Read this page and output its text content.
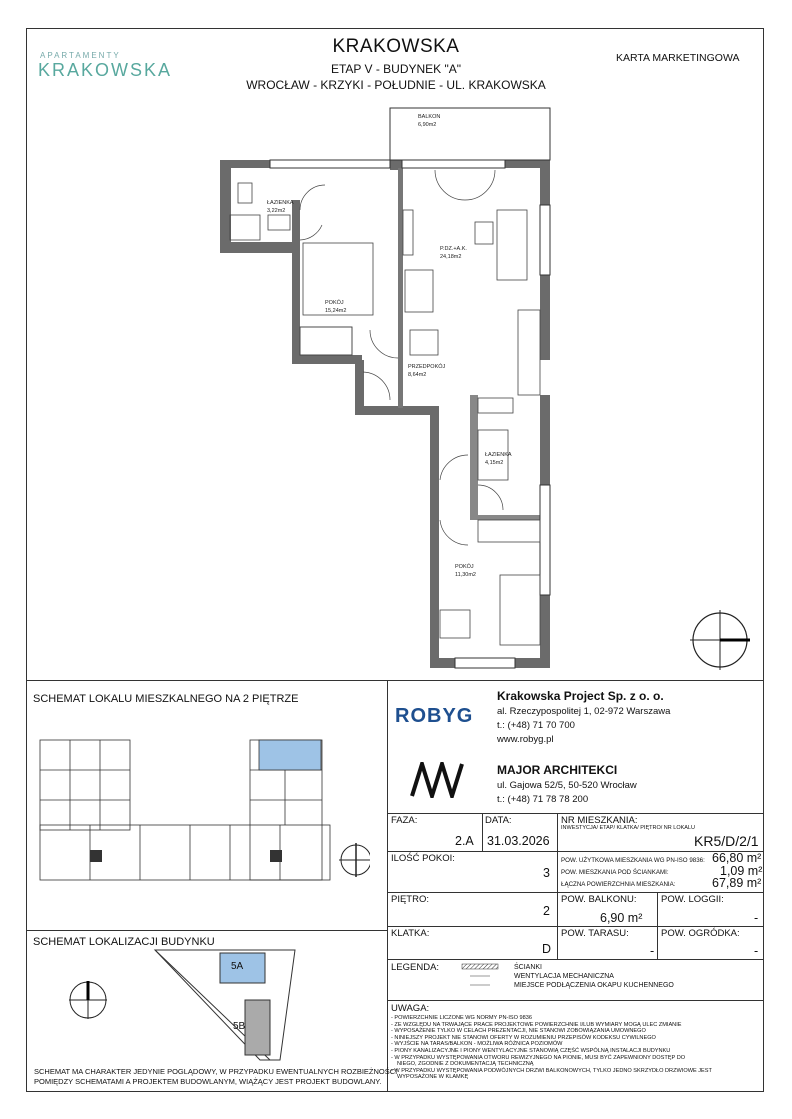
APARTAMENTY
KRAKOWSKA
KRAKOWSKA
ETAP V - BUDYNEK "A"
WROCŁAW - KRZYKI - POŁUDNIE - UL. KRAKOWSKA
KARTA MARKETINGOWA
BALKON
6,90m2
ŁAZIENKA
3,22m2
P.DZ.+A.K.
24,18m2
POKÓJ
15,24m2
PRZEDPOKÓJ
8,64m2
ŁAZIENKA
4,15m2
POKÓJ
11,30m2
SCHEMAT LOKALU MIESZKALNEGO NA 2 PIĘTRZE
SCHEMAT LOKALIZACJI BUDYNKU
5A
5B
SCHEMAT MA CHARAKTER JEDYNIE POGLĄDOWY, W PRZYPADKU EWENTUALNYCH ROZBIEŻNOŚCI
POMIĘDZY SCHEMATAMI A PROJEKTEM BUDOWLANYM, WIĄŻĄCY JEST PROJEKT BUDOWLANY.
ROBYG
Krakowska Project Sp. z o. o.
al. Rzeczypospolitej 1, 02-972 Warszawa
t.: (+48) 71 70 700
www.robyg.pl
MAJOR ARCHITEKCI
ul. Gajowa 52/5, 50-520 Wrocław
t.: (+48) 71 78 78 200
FAZA:
2.A
DATA:
31.03.2026
NR MIESZKANIA:
INWESTYCJA/ ETAP/ KLATKA/ PIĘTRO/ NR LOKALU
KR5/D/2/1
ILOŚĆ POKOI:
3
POW. UŻYTKOWA MIESZKANIA WG PN-ISO 9836: 66,80 m²
POW. MIESZKANIA POD ŚCIANKAMI:	1,09 m²
ŁĄCZNA POWIERZCHNIA MIESZKANIA:	67,89 m²
PIĘTRO:
2
POW. BALKONU:
6,90 m²
POW. LOGGII:
-
KLATKA:
D
POW. TARASU:
-
POW. OGRÓDKA:
-
LEGENDA:	ŚCIANKI
WENTYLACJA MECHANICZNA
MIEJSCE PODŁĄCZENIA OKAPU KUCHENNEGO
UWAGA:
- POWIERZCHNIE LICZONE WG NORMY PN-ISO 9836
- ZE WZGLĘDU NA TRWAJĄCE PRACE PROJEKTOWE POWIERZCHNIE I/LUB WYMIARY MOGĄ ULEC ZMIANIE
- WYPOSAŻENIE TYLKO W CELACH PREZENTACJI, NIE STANOWI ZOBOWIĄZANIA UMOWNEGO
- NINIEJSZY PROJEKT NIE STANOWI OFERTY W ROZUMIENIU PRZEPISÓW KODEKSU CYWILNEGO
- WYJŚCIE NA TARAS/BALKON - MOŻLIWA RÓŻNICA POZIOMÓW
- PIONY KANALIZACYJNE I PIONY WENTYLACYJNE STANOWIĄ CZĘŚĆ WSPÓLNĄ INSTALACJI BUDYNKU
- W PRZYPADKU WYSTĘPOWANIA OTWORU REWIZYJNEGO NA PIONIE, MUSI BYĆ ZAPEWNIONY DOSTĘP DO
NIEGO, ZGODNIE Z DOKUMENTACJĄ TECHNICZNĄ
- W PRZYPADKU WYSTĘPOWANIA PODWÓJNYCH DRZWI BALKONOWYCH, TYLKO JEDNO SKRZYDŁO DRZWIOWE JEST
WYPOSAŻONE W KLAMKĘ
